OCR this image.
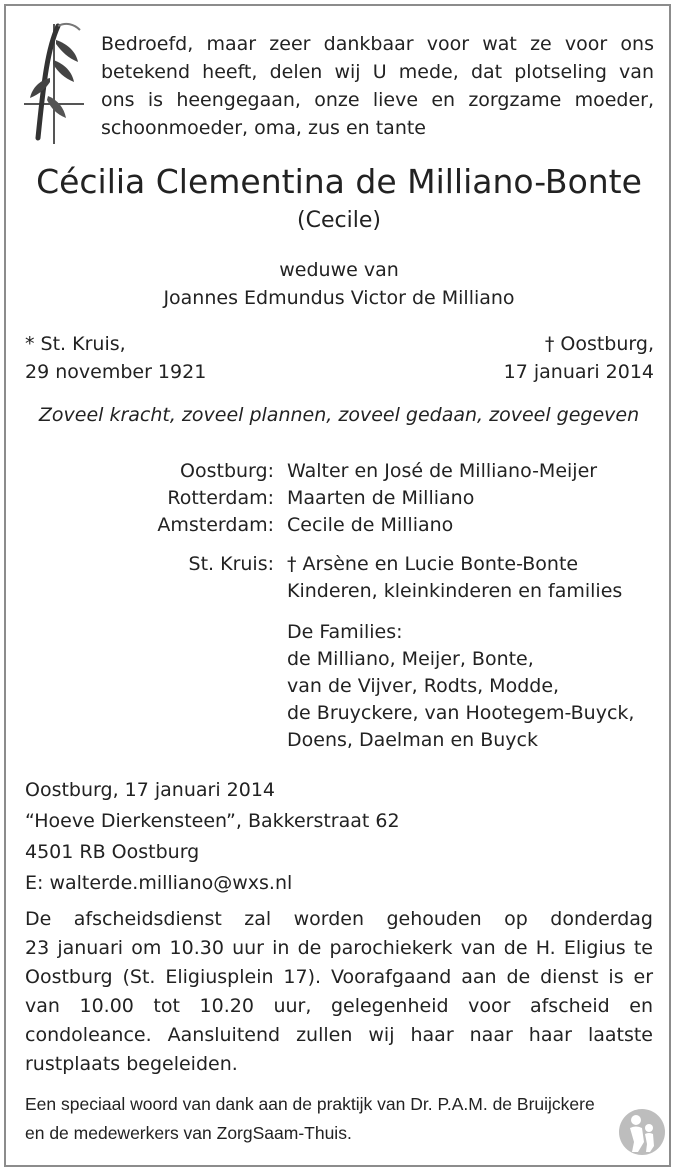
Bedroefd, maar zeer dankbaar voor wat ze voor ons
betekend heeft, delen wij U mede, dat plotseling van
ons is heengegaan, onze lieve en zorgzame moeder,
schoonmoeder, oma, zus en tante
Cécilia Clementina de Milliano-Bonte
(Cecile)
weduwe van
Joannes Edmundus Victor de Milliano
* St. Kruis,
29 november 1921
† Oostburg,
17 januari 2014
Zoveel kracht, zoveel plannen, zoveel gedaan, zoveel gegeven
Oostburg: Walter en José de Milliano-Meijer
Rotterdam: Maarten de Milliano
Amsterdam: Cecile de Milliano
St. Kruis: † Arsène en Lucie Bonte-Bonte
Kinderen, kleinkinderen en families
De Families:
de Milliano, Meijer, Bonte,
van de Vijver, Rodts, Modde,
de Bruyckere, van Hootegem-Buyck,
Doens, Daelman en Buyck
Oostburg, 17 januari 2014
“Hoeve Dierkensteen”, Bakkerstraat 62
4501 RB Oostburg
E: walterde.milliano@wxs.nl
De afscheidsdienst zal worden gehouden op donderdag
23 januari om 10.30 uur in de parochiekerk van de H. Eligius te
Oostburg (St. Eligiusplein 17). Voorafgaand aan de dienst is er
van 10.00 tot 10.20 uur, gelegenheid voor afscheid en
condoleance. Aansluitend zullen wij haar naar haar laatste
rustplaats begeleiden.
Een speciaal woord van dank aan de praktijk van Dr. P.A.M. de Bruijckere
en de medewerkers van ZorgSaam-Thuis.
